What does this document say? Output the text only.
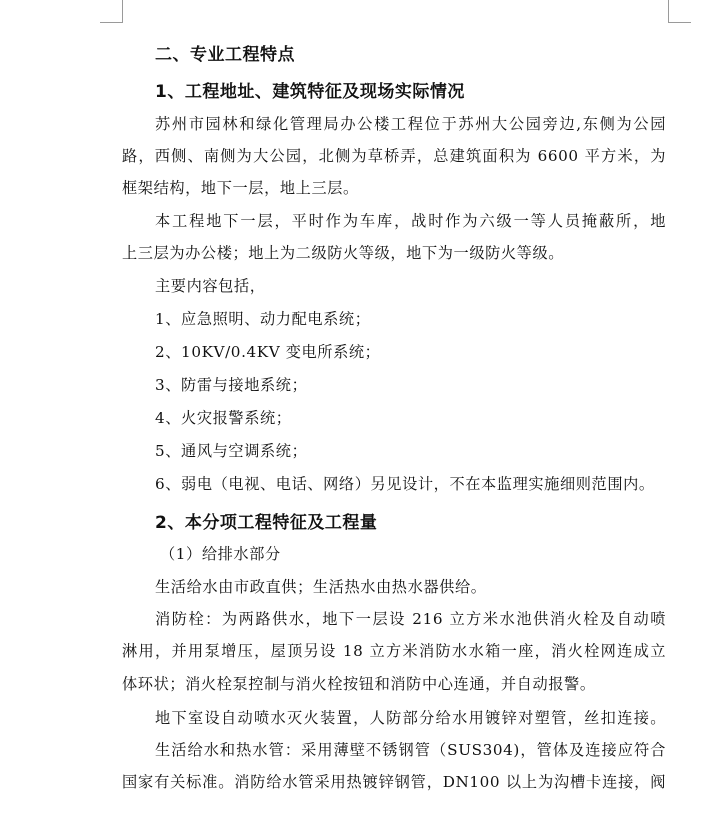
二、专业工程特点
1、工程地址、建筑特征及现场实际情况
苏州市园林和绿化管理局办公楼工程位于苏州大公园旁边,东侧为公园
路，西侧、南侧为大公园，北侧为草桥弄，总建筑面积为 6600 平方米，为
框架结构，地下一层，地上三层。
本工程地下一层，平时作为车库，战时作为六级一等人员掩蔽所，地
上三层为办公楼；地上为二级防火等级，地下为一级防火等级。
主要内容包括，
1、应急照明、动力配电系统；
2、10KV/0.4KV 变电所系统；
3、防雷与接地系统；
4、火灾报警系统；
5、通风与空调系统；
6、弱电（电视、电话、网络）另见设计，不在本监理实施细则范围内。
2、本分项工程特征及工程量
（1）给排水部分
生活给水由市政直供；生活热水由热水器供给。
消防栓：为两路供水，地下一层设 216 立方米水池供消火栓及自动喷
淋用，并用泵增压，屋顶另设 18 立方米消防水水箱一座，消火栓网连成立
体环状；消火栓泵控制与消火栓按钮和消防中心连通，并自动报警。
地下室设自动喷水灭火装置，人防部分给水用镀锌对塑管，丝扣连接。
生活给水和热水管：采用薄壁不锈钢管（SUS304)，管体及连接应符合
国家有关标准。消防给水管采用热镀锌钢管，DN100 以上为沟槽卡连接，阀
